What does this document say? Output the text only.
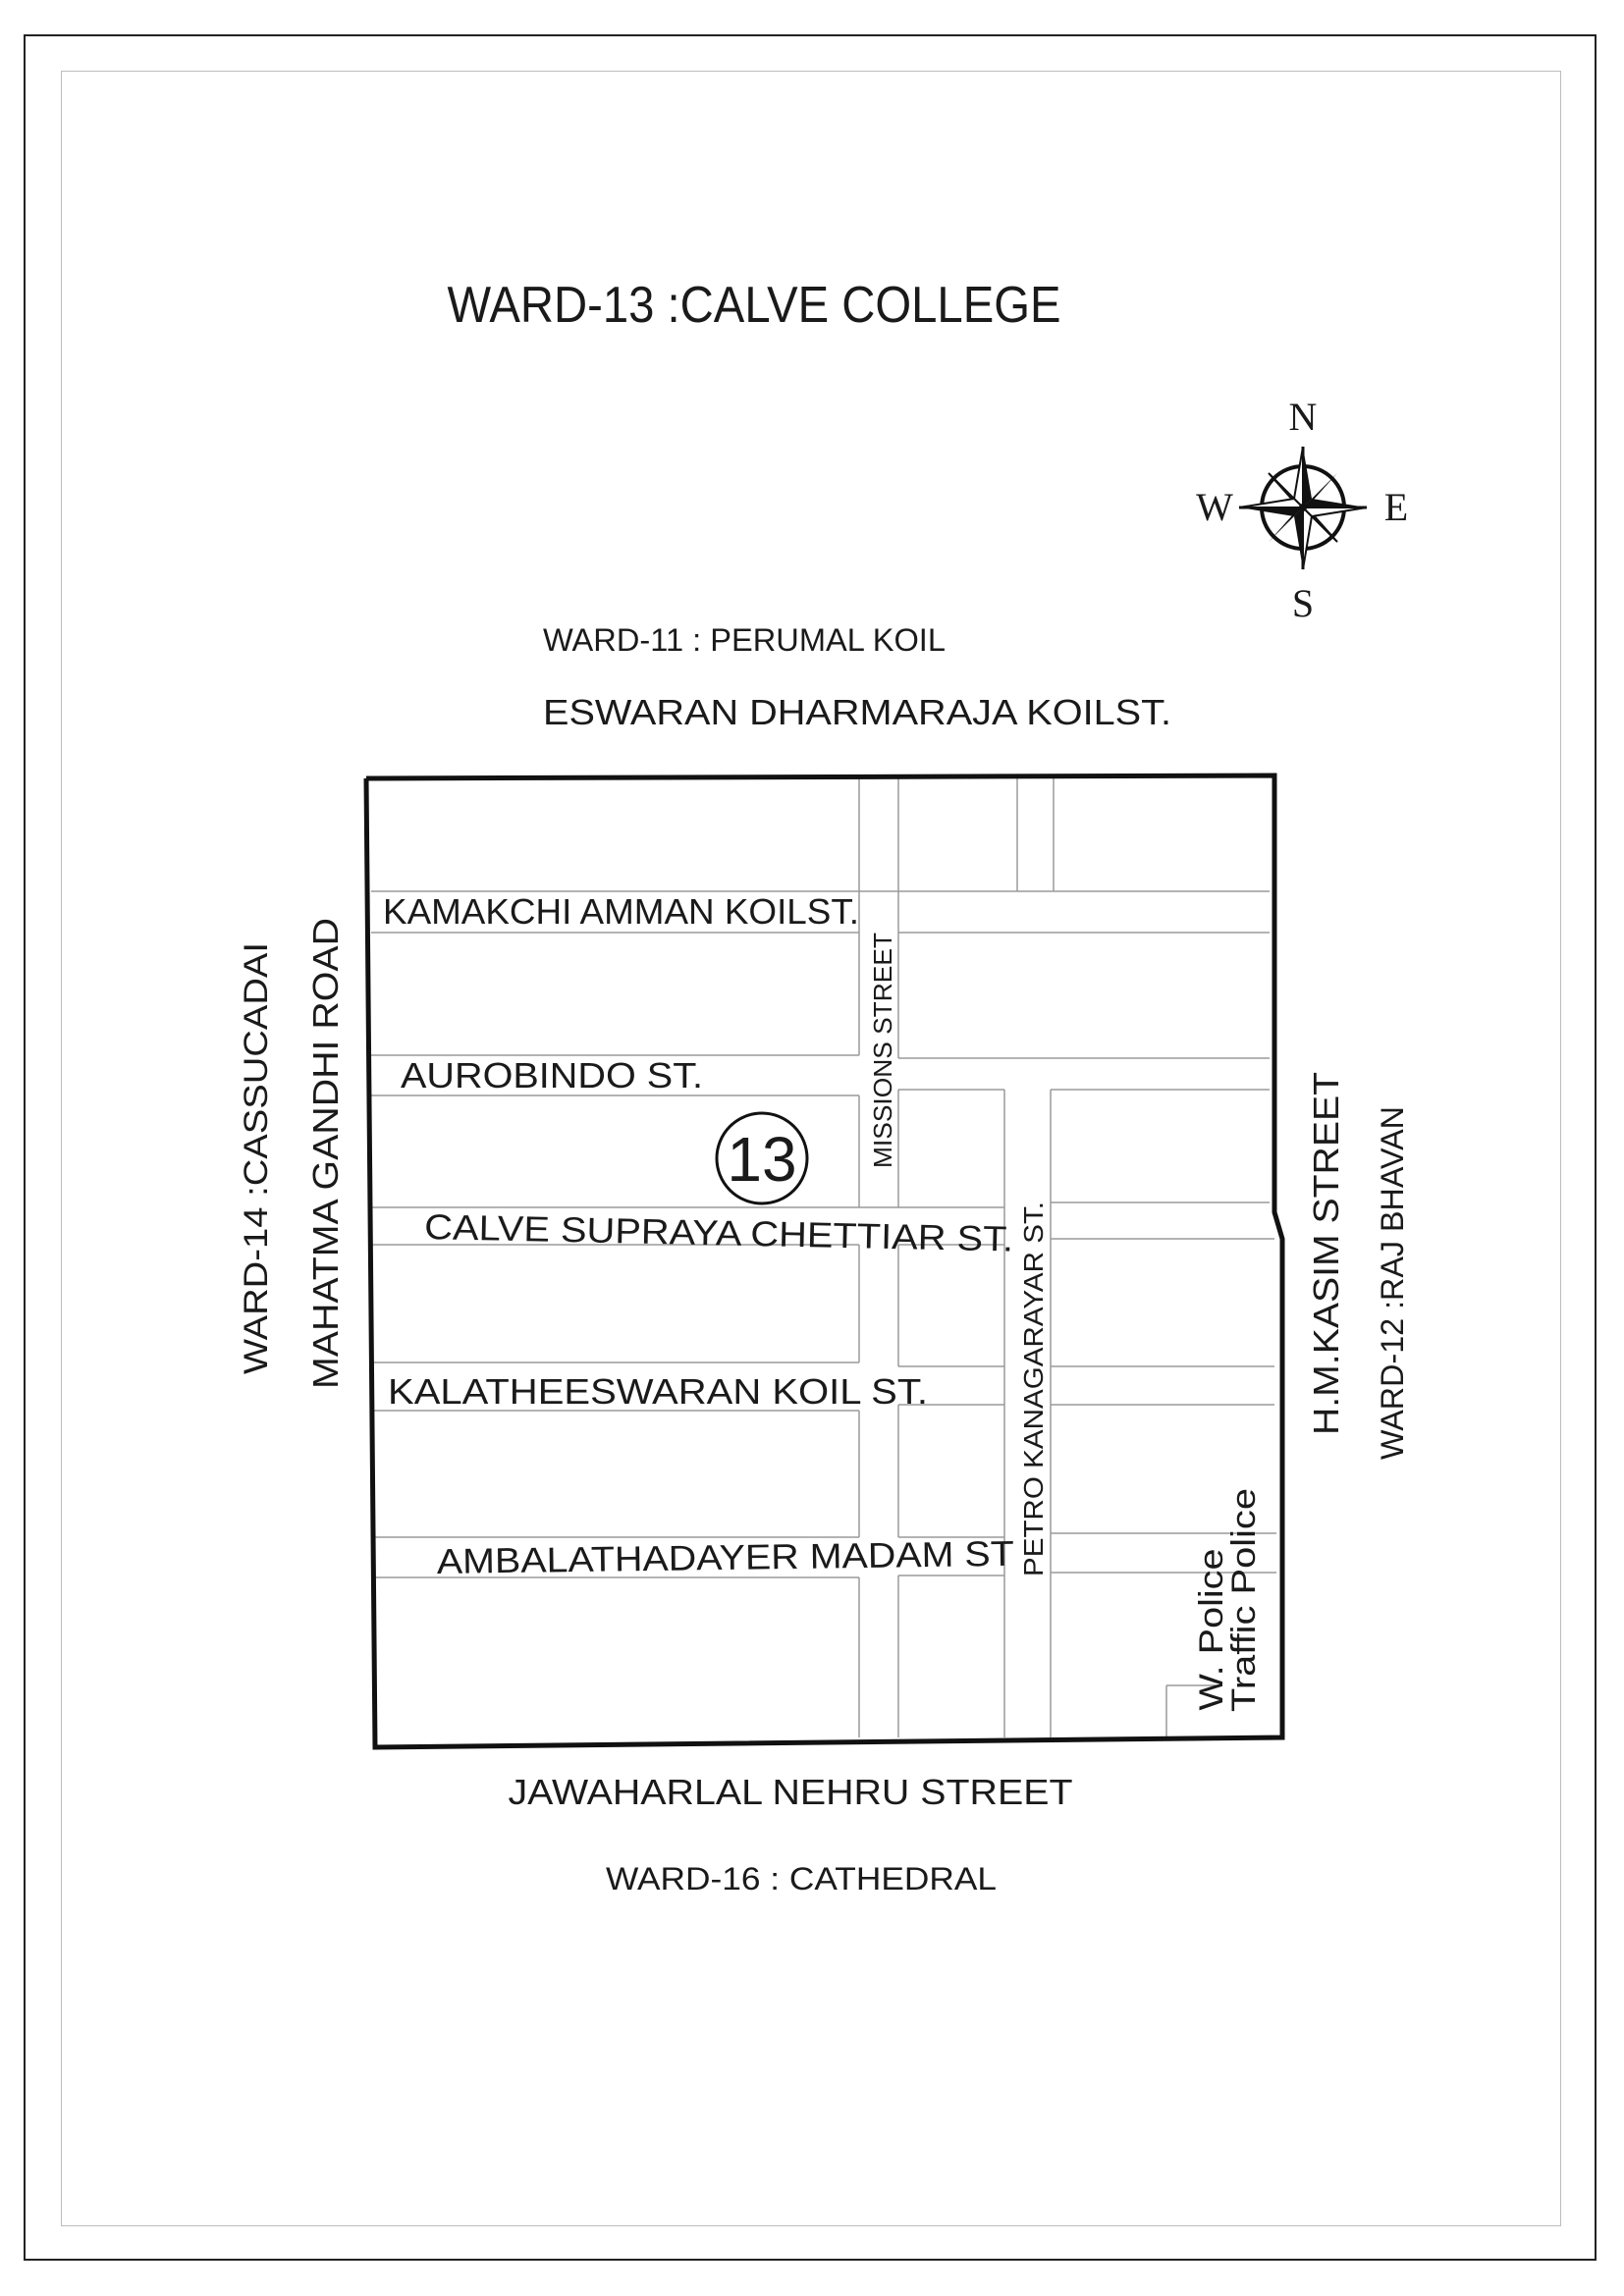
WARD-13 :CALVE COLLEGE
N
S
E
W
WARD-11 : PERUMAL KOIL
ESWARAN DHARMARAJA KOILST.
JAWAHARLAL NEHRU STREET
WARD-16 : CATHEDRAL
WARD-14 :CASSUCADAI MAHATMA GANDHI ROAD	H.M.KASIM STREET WARD-12 :RAJ BHAVAN
KAMAKCHI AMMAN KOILST.
AUROBINDO ST.
CALVE SUPRAYA CHETTIAR ST.
KALATHEESWARAN KOIL ST.
AMBALATHADAYER MADAM ST
MISSIONS STREET
PETRO KANAGARAYAR ST.
W. Police
Traffic Police
13
